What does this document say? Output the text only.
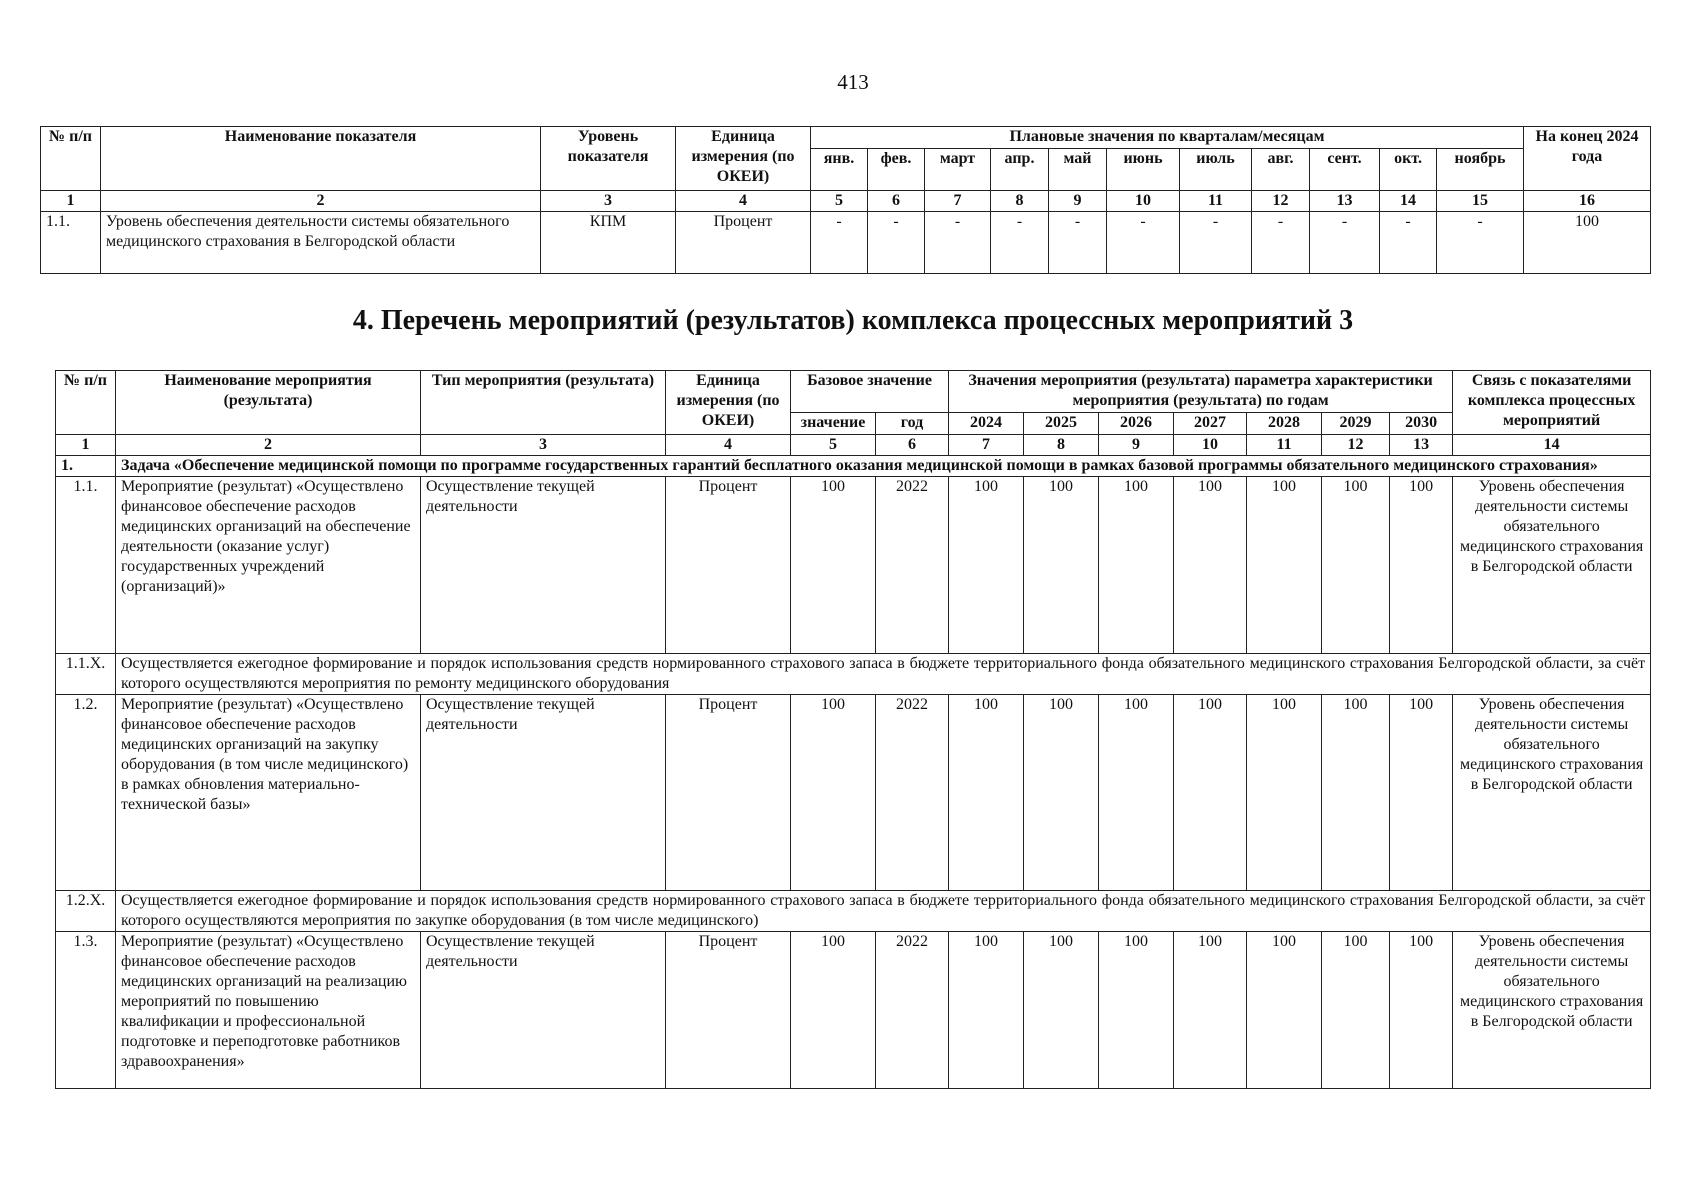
413
№ п/п	Наименование показателя	Уровень показателя	Единица измерения (по ОКЕИ)	Плановые значения по кварталам/месяцам											На конец 2024 года
				янв.	фев.	март	апр.	май	июнь	июль	авг.	сент.	окт.	ноябрь	
1	2	3	4	5	6	7	8	9	10	11	12	13	14	15	16
1.1.	Уровень обеспечения деятельности системы обязательного медицинского страхования в Белгородской области	КПМ	Процент	-	-	-	-	-	-	-	-	-	-	-	100
4. Перечень мероприятий (результатов) комплекса процессных мероприятий 3
№ п/п	Наименование мероприятия (результата)	Тип мероприятия (результата)	Единица измерения (по ОКЕИ)	Базовое значение		Значения мероприятия (результата) параметра характеристики мероприятия (результата) по годам							Связь с показателями комплекса процессных мероприятий
				значение	год	2024	2025	2026	2027	2028	2029	2030	
1	2	3	4	5	6	7	8	9	10	11	12	13	14
1.	Задача «Обеспечение медицинской помощи по программе государственных гарантий бесплатного оказания медицинской помощи в рамках базовой программы обязательного медицинского страхования»												
1.1.	Мероприятие (результат) «Осуществлено финансовое обеспечение расходов медицинских организаций на обеспечение деятельности (оказание услуг) государственных учреждений (организаций)»	Осуществление текущей деятельности	Процент	100	2022	100	100	100	100	100	100	100	Уровень обеспечения деятельности системы обязательного медицинского страхования в Белгородской области
1.1.X.	Осуществляется ежегодное формирование и порядок использования средств нормированного страхового запаса в бюджете территориального фонда обязательного медицинского страхования Белгородской области, за счёт которого осуществляются мероприятия по ремонту медицинского оборудования												
1.2.	Мероприятие (результат) «Осуществлено финансовое обеспечение расходов медицинских организаций на закупку оборудования (в том числе медицинского) в рамках обновления материально-технической базы»	Осуществление текущей деятельности	Процент	100	2022	100	100	100	100	100	100	100	Уровень обеспечения деятельности системы обязательного медицинского страхования в Белгородской области
1.2.X.	Осуществляется ежегодное формирование и порядок использования средств нормированного страхового запаса в бюджете территориального фонда обязательного медицинского страхования Белгородской области, за счёт которого осуществляются мероприятия по закупке оборудования (в том числе медицинского)												
1.3.	Мероприятие (результат) «Осуществлено финансовое обеспечение расходов медицинских организаций на реализацию мероприятий по повышению квалификации и профессиональной подготовке и переподготовке работников здравоохранения»	Осуществление текущей деятельности	Процент	100	2022	100	100	100	100	100	100	100	Уровень обеспечения деятельности системы обязательного медицинского страхования в Белгородской области
